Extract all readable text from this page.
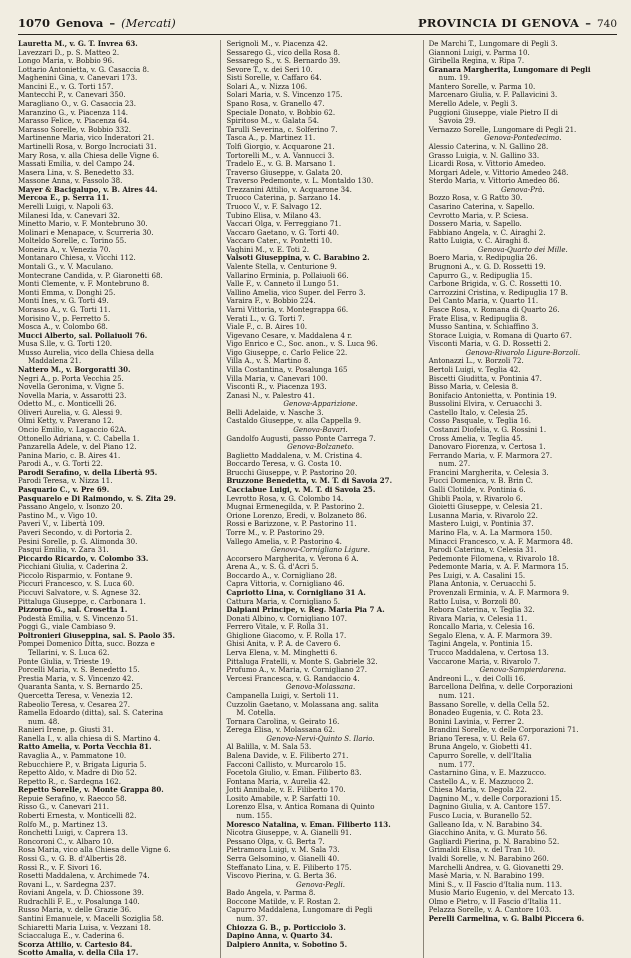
1070 Genova – (Mercati)	PROVINCIA DI GENOVA – 740
Lauretta M., v. G. T. Invrea 63.
Lavezzari D., p. S. Matteo 2.
Longo Maria, v. Bobbio 96.
Lottario Antonietta, v. G. Casaccia 8.
Maghenini Gina, v. Canevari 173.
Mancini E., v. G. Torti 157.
Mantecchi P., v. Canevari 350.
Maragliano O., v. G. Casaccia 23.
Maranzino G., v. Piacenza 114.
Marasso Felice, v. Piacenza 64.
Marasso Sorelle, v. Bobbio 332.
Martinenne Maria, vico Inderatori 21.
Martinelli Rosa, v. Borgo Incrociati 31.
Mary Rosa, v. alla Chiesa delle Vigne 6.
Massati Emilia, v. del Campo 24.
Masera Lina, v. S. Benedetto 33.
Massone Anna, v. Fassolo 38.
Mayer & Bacigalupo, v. B. Aires 44.
Mercoa E., p. Serra 11.
Merelli Luigi, v. Napoli 63.
Milanesi Ida, v. Canevari 32.
Minetto Mario, v. F. Montebruno 30.
Molinari e Menapace, v. Scurreria 30.
Molteldo Sorelle, c. Torino 55.
Moneira A., v. Venezia 70.
Montanaro Chiesa, v. Vicchi 112.
Montali G., v. V. Maculano.
Montecrane Candida, v. P. Giaronetti 68.
Monti Clemente, v. F. Montebruno 8.
Monti Emma, v. Donghi 25.
Monti Ines, v. G. Torti 49.
Morasso A., v. G. Torti 11.
Morisino V., p. Ferretto 5.
Mosca A., v. Colombo 68.
Mucci Alberto, sal. Pollaiuoli 76.
Musa S.lle, v. G. Torti 120.
Musso Aurelia, vico della Chiesa della
Maddalena 21.
Nattero M., v. Borgoratti 30.
Negri A., p. Porta Vecchia 25.
Novella Geronima, v. Vigne 5.
Novella Maria, v. Assarotti 23.
Odetto M., c. Monticelli 26.
Oliveri Aurelia, v. G. Alessi 9.
Olmi Ketty, v. Paverano 12.
Oncio Emilio, v. Lagaccio 62A.
Ottonello Adriana, v. C. Cabella 1.
Panzarella Adele, v. del Piano 12.
Panina Mario, c. B. Aires 41.
Parodi A., v. G. Torti 22.
Parodi Serafino, v. della Libertà 95.
Parodi Teresa, v. Nizza 11.
Pasquario C., v. Pre 69.
Pasquarelo e Di Raimondo, v. S. Zita 29.
Passano Angelo, v. Isonzo 20.
Pastino M., v. Vigo 10.
Paveri V., v. Libertà 109.
Paveri Secondo, v. di Portoria 2.
Pesini Sorelle, p. G. Alimonda 30.
Pasqui Emilia, v. Zara 31.
Piccardo Ricardo, v. Colombo 33.
Picchiani Giulia, v. Caderina 2.
Piccolo Risparmio, v. Fontane 9.
Piccuri Francesco, v. S. Luca 60.
Piccuvi Salvatore, v. S. Agnese 32.
Pittaluga Giuseppe, c. Carbonara 1.
Pizzorno G., sal. Crosetta 1.
Podestà Emilia, v. S. Vincenzo 51.
Poggi G., viale Cambiaso 9.
Poltronieri Giuseppina, sal. S. Paolo 35.
Pompei Domenico Ditta, succ. Bozza e
Tellarini, v. S. Luca 62.
Ponte Giulia, v. Trieste 19.
Porcelli Maria, v. S. Benedetto 15.
Prestia Maria, v. S. Vincenzo 42.
Quaranta Santa, v. S. Bernardo 25.
Quercetta Teresa, v. Venezia 12.
Rabeolio Teresa, v. Cesarea 27.
Ramella Edoardo (ditta), sal. S. Caterina
num. 48.
Ranieri Irene, p. Giusti 31.
Ranella I., v. alla chiesa di S. Martino 4.
Ratto Amelia, v. Porta Vecchia 81.
Ravaglia A., v. Pammatone 10.
Rebucchiere P., v. Brigata Liguria 5.
Repetto Aldo, v. Madre di Dio 52.
Repetto R., c. Sardegna 162.
Repetto Sorelle, v. Monte Grappa 80.
Repuie Serafino, v. Raecco 58.
Risso G., v. Canevari 211.
Roberti Ernesta, v. Monticelli 82.
Rolfo M., p. Martinez 13.
Ronchetti Luigi, v. Caprera 13.
Roncoroni C., v. Albaro 10.
Rosa Maria, vico alla Chiesa delle Vigne 6.
Rossi G., v. G. B. d'Albertis 28.
Rossi R., v. F. Sivori 16.
Rosetti Maddalena, v. Archimede 74.
Rovani L., v. Sardegna 237.
Roviani Angela, v. D. Chiossone 39.
Rudrachlli F. E., v. Posalunga 140.
Russo Maria, v. delle Grazie 36.
Santini Emanuele, v. Macelli Soziglia 58.
Schiaretti Maria Luisa, v. Vezzani 18.
Sciaccaluga E., v. Caderina 6.
Scorza Attilio, v. Cartesio 84.
Scotto Amalia, v. della Cila 17.
Serignoli M., v. Piacenza 42.
Sessarego G., vico della Rosa 8.
Sessarego S., v. S. Bernardo 39.
Sevore T., v. dei Seri 10.
Sisti Sorelle, v. Caffaro 64.
Solari A., v. Nizza 106.
Solari Maria, v. S. Vincenzo 175.
Spano Rosa, v. Granello 47.
Speciale Donato, v. Bobbio 62.
Spiritoso M., v. Galata 54.
Tarulli Severina, c. Solferino 7.
Tasca A., p. Martinez 11.
Tolfi Giorgio, v. Acquarone 21.
Tortorelli M., v. A. Vannucci 3.
Tradelo E., v. G. B. Marsano 1.
Traverso Giuseppe, v. Galata 20.
Traverso Pedemonte, v. L. Montaldo 130.
Trezzanini Attilio, v. Acquarone 34.
Truoco Caterina, p. Sarzano 14.
Truoco V., v. F. Salvago 12.
Tubino Elisa, v. Milano 43.
Vaccari Olga, v. Ferreggiano 71.
Vaccaro Gaetano, v. G. Torti 40.
Vaccaro Cater., v. Pontetti 10.
Vaghini M., v. E. Toti 2.
Valsoti Giuseppina, v. C. Barabino 2.
Valente Stella, v. Centurione 9.
Vallarino Erminia, p. Pollaiuoli 66.
Valle F., v. Canneto il Lungo 51.
Vallino Amelia, vico Super. del Ferro 3.
Varaira F., v. Bobbio 224.
Varni Vittoria, v. Montegrappa 66.
Verati L., v. G. Torti 7.
Viale F., c. B. Aires 10.
Vigevano Cesare, v. Maddalena 4 r.
Vigo Enrico e C., Soc. anon., v. S. Luca 96.
Vigo Giuseppe, c. Carlo Felice 22.
Villa A., v. S. Martino 8.
Villa Costantina, v. Posalunga 165
Villa Maria, v. Canevari 100.
Visconti R., v. Piacenza 193.
Zanasi N., v. Palestro 41.
Genova-Apparizione.
Belli Adelaide, v. Nasche 3.
Castaldo Giuseppe, v. alla Cappella 9.
Genova-Bavari.
Gandolfo Augusti, passo Ponte Carrega 7.
Genova-Bolzaneto.
Baglietto Maddalena, v. M. Cristina 4.
Boccardo Teresa, v. G. Costa 10.
Brucchi Giuseppe, v. P. Pastorino 20.
Bruzzone Benedetta, v. M. T. di Savoia 27.
Cacciabue Luigi, v. M. T. di Savoia 25.
Levrotto Rosa, v. G. Colombo 14.
Mugnai Ermenegilda, v. P. Pastorino 2.
Orione Lorenzo, Eredi, v. Bolzaneto 86.
Rossi e Barizzone, v. P. Pastorino 11.
Torre M., v. P. Pastorino 29.
Vallego Amelia, v. P. Pastorino 4.
Genova-Cornigliano Ligure.
Accorsero Margherita, v. Verona 6 A.
Arena A., v. S. G. d'Acri 5.
Boccardo A., v. Cornigliano 28.
Capra Vittoria, v. Cornigliano 46.
Capriotto Lina, v. Cornigliano 31 A.
Cattura Maria, v. Cornigliano 5.
Dalpiani Principe, v. Reg. Maria Pia 7 A.
Donati Albino, v. Cornigliano 107.
Ferrero Vitale, v. F. Rolla 31.
Ghiglione Giacomo, v. F. Rolla 17.
Ghisi Anita, v. P. A. de Cavero 6.
Lerva Elena, v. M. Minghetti 6.
Pittaluga Fratelli, v. Monte S. Gabriele 32.
Profumo A., v. Maria, v. Cornigliano 27.
Vercesi Francesca, v. G. Randaccio 4.
Genova-Molassana.
Campanella Luigi, v. Sertoli 11.
Cuzzolin Gaetano, v. Molassana ang. salita
M. Cotella.
Tornara Carolina, v. Geirato 16.
Zerega Elisa, v. Molassana 62.
Genova-Nervi-Quinto S. Ilario.
Al Balilla, v. M. Sala 53.
Balena Davide, v. E. Filiberto 271.
Facconi Callisto, v. Murcarolo 15.
Focetola Giulio, v. Eman. Filiberto 83.
Fontana Maria, v. Aurelia 42.
Jotti Annibale, v. E. Filiberto 170.
Losito Amabile, v. P. Sarfatti 10.
Lorenzo Elsa, v. Antica Romana di Quinto
num. 155.
Moresco Natalina, v. Eman. Filiberto 113.
Nicotra Giuseppe, v. A. Gianelli 91.
Pessano Olga, v. G. Berta 7.
Pietramora Luigi, v. M. Sala 73.
Serra Gelsomino, v. Gianelli 40.
Steffanato Lina, v. E. Filiberto 175.
Viscovo Pierina, v. G. Berta 36.
Genova-Pegli.
Bado Angela, v. Parma 8.
Boccone Matilde, v. F. Rostan 2.
Capurro Maddalena, Lungomare di Pegli
num. 37.
Chiozza G. B., p. Porticciolo 3.
Dapino Anna, v. Quarto 34.
Dalpiero Annita, v. Sobotino 5.
De Marchi T., Lungomare di Pegli 3.
Giannoni Luigi, v. Parma 10.
Giribella Regina, v. Ripa 7.
Granara Margherita, Lungomare di Pegli
num. 19.
Mantero Sorelle, v. Parma 10.
Marcenaro Giulia, v. F. Pallavicini 3.
Merello Adele, v. Pegli 3.
Puggioni Giuseppe, viale Pietro II di
Savoia 29.
Vernazzo Sorelle, Lungomare di Pegli 21.
Genova-Pontedecimo.
Alessio Caterina, v. N. Gallino 28.
Grasso Luigia, v. N. Gallino 33.
Licardi Rosa, v. Vittorio Amedeo.
Morgari Adele, v. Vittorio Amedeo 248.
Sterdo Maria, v. Vittorio Amedeo 86.
Genova-Prà.
Bozzo Rosa, v. G Ratto 30.
Casarino Caterina, v. Sapello.
Cevrotto Maria, v. P. Sciesa.
Dossero Maria, v. Sapello.
Fabbiano Angela, v. C. Airaghi 2.
Ratto Luigia, v. C. Airaghi 8.
Genova-Quarto dei Mille.
Boero Maria, v. Redipuglia 26.
Brugnoni A., v. G. D. Rossetti 19.
Capurro G., v. Redipuglia 15.
Carbone Brigida, v. G. C. Rossetti 10.
Carrozzini Cristina, v. Redipuglia 17 B.
Del Canto Maria, v. Quarto 11.
Fasce Rosa, v. Romana di Quarto 26.
Frate Elisa, v. Redipuglia 8.
Musso Santina, v. Schiaffino 3.
Storace Luigia, v. Romana di Quarto 67.
Visconti Maria, v. G. D. Rossetti 2.
Genova-Rivarolo Ligure-Borzoli.
Antonazzi L., v. Borzoli 72.
Bertoli Luigi, v. Teglia 42.
Biscetti Giuditta, v. Pontinia 47.
Bisso Maria, v. Celesia 8.
Bonifacio Antonietta, v. Pontinia 19.
Bussolini Elvira, v. Ceruacchi 3.
Castello Italo, v. Celesia 25.
Cosso Pasquale, v. Teglia 16.
Costanzi Diofelia, v. G. Rossini 1.
Cross Amelia, v. Teglia 45.
Danovaro Fiorenza, v. Certosa 1.
Ferrando Maria, v. F. Marmora 27.
num. 27.
Francini Margherita, v. Celesia 3.
Fucci Domenica, v. B. Brin C.
Galli Clotilde, v. Pontinia 6.
Ghibli Paola, v. Rivarolo 6.
Gioietti Giuseppe, v. Celesia 21.
Lusanna Maria, v. Rivarolo 22.
Mastero Luigi, v. Pontinia 37.
Marino Fla, v. A. La Marmora 150.
Minacci Francesco, v. A. F. Marmora 48.
Parodi Caterina, v. Celesia 31.
Pedemonte Filomena, v. Rivarolo 18.
Pedemonte Maria, v. A. F. Marmora 15.
Pes Luigi, v. A. Casalini 15.
Plana Antonia, v. Ceruacchi 5.
Provenzali Erminia, v. A. F. Marmora 9.
Ratto Luisa, v. Borzoli 80.
Rebora Caterina, v. Teglia 32.
Rivara Maria, v. Celesia 11.
Roncallo Maria, v. Celesia 16.
Segalo Elena, v. A. F. Marmora 39.
Tagini Angela, v. Pontinia 15.
Trucco Maddalena, v. Certosa 13.
Vaccarone Maria, v. Rivarolo 7.
Genova-Sampierdarena.
Andreoni L., v. dei Colli 16.
Barcellona Delfina, v. delle Corporazioni
num. 121.
Bassano Sorelle, v. della Cella 52.
Bonadeo Eugenia, v. C. Rota 23.
Bonini Lavinia, v. Ferrer 2.
Brandini Sorelle, v. delle Corporazioni 71.
Briano Teresa, v. U. Rela 67.
Bruna Angelo, v. Giobetti 41.
Capurro Sorelle, v. dell'Italia
num. 177.
Castarnino Gina, v. E. Mazzucco.
Castello A., v. E. Mazzucco 2.
Chiesa Maria, v. Degola 22.
Dagnino M., v. delle Corporazioni 15.
Dagnino Giulia, v. A. Cantore 157.
Fusco Lucia, v. Buranello 52.
Galleano Ida, v. N. Barabino 34.
Giacchino Anita, v. G. Murato 56.
Gagliardi Pierina, p. N. Barabino 52.
Grimaldi Elisa, v. del Tran 10.
Ivaldi Sorelle, v. N. Barabino 260.
Marchelli Andrea, v. G. Giovanetti 29.
Masè Maria, v. N. Barabino 199.
Mini S., v. II Fascio d'Italia num. 113.
Musio Mario Eugenio, v. del Mercato 13.
Olmo e Pietro, v. II Fascio d'Italia 11.
Pelazza Sorelle, v. A. Cantore 103.
Perelli Carmelina, v. G. Balbi Piccera 6.
